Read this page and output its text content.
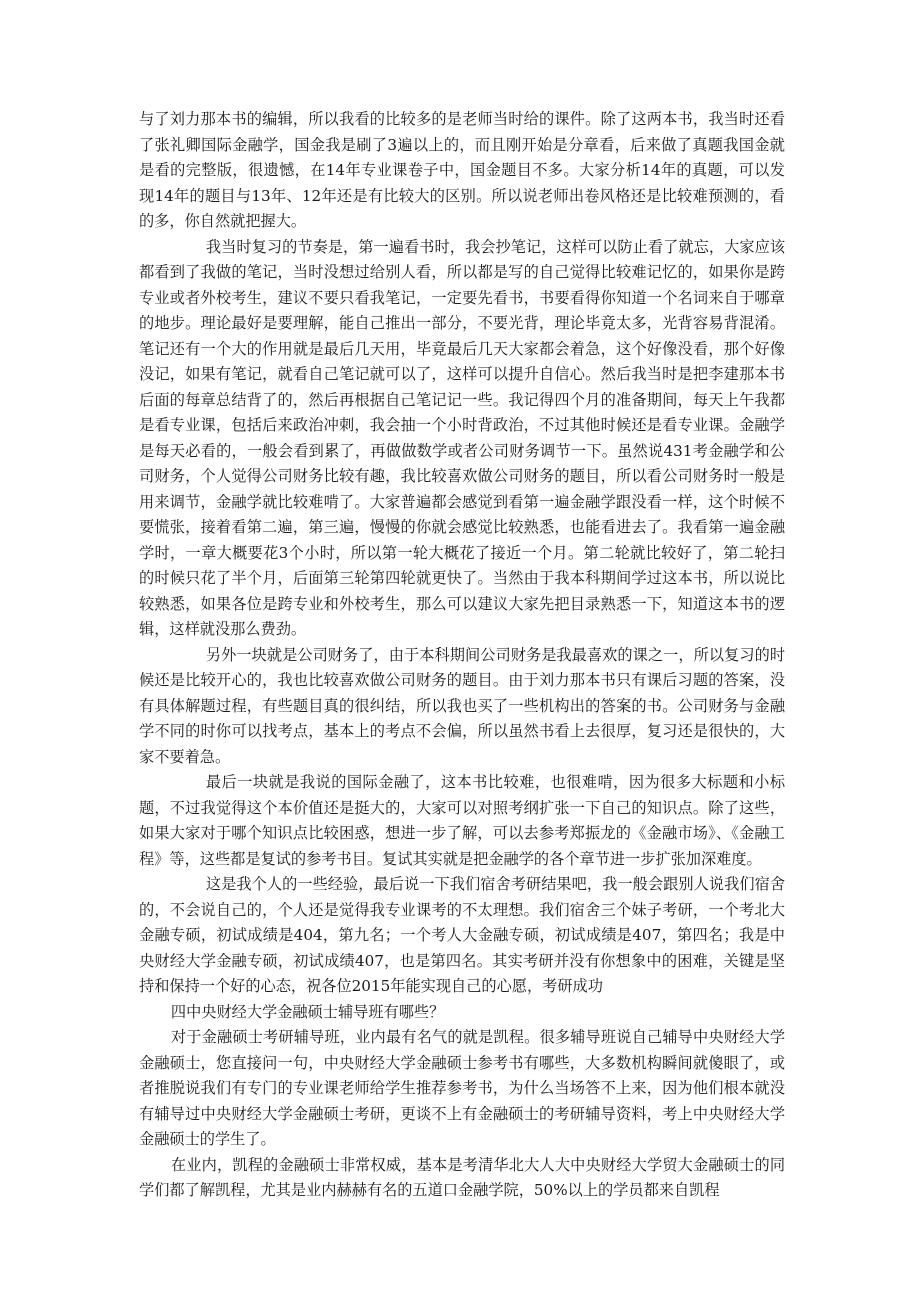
与了刘力那本书的编辑，所以我看的比较多的是老师当时给的课件。除了这两本书，我当时还看了张礼卿国际金融学，国金我是刷了3遍以上的，而且刚开始是分章看，后来做了真题我国金就是看的完整版，很遗憾，在14年专业课卷子中，国金题目不多。大家分析14年的真题，可以发现14年的题目与13年、12年还是有比较大的区别。所以说老师出卷风格还是比较难预测的，看的多，你自然就把握大。

我当时复习的节奏是，第一遍看书时，我会抄笔记，这样可以防止看了就忘，大家应该都看到了我做的笔记，当时没想过给别人看，所以都是写的自己觉得比较难记忆的，如果你是跨专业或者外校考生，建议不要只看我笔记，一定要先看书，书要看得你知道一个名词来自于哪章的地步。理论最好是要理解，能自己推出一部分，不要光背，理论毕竟太多，光背容易背混淆。笔记还有一个大的作用就是最后几天用，毕竟最后几天大家都会着急，这个好像没看，那个好像没记，如果有笔记，就看自己笔记就可以了，这样可以提升自信心。然后我当时是把李建那本书后面的每章总结背了的，然后再根据自己笔记记一些。我记得四个月的准备期间，每天上午我都是看专业课，包括后来政治冲刺，我会抽一个小时背政治，不过其他时候还是看专业课。金融学是每天必看的，一般会看到累了，再做做数学或者公司财务调节一下。虽然说431考金融学和公司财务，个人觉得公司财务比较有趣，我比较喜欢做公司财务的题目，所以看公司财务时一般是用来调节，金融学就比较难啃了。大家普遍都会感觉到看第一遍金融学跟没看一样，这个时候不要慌张，接着看第二遍，第三遍，慢慢的你就会感觉比较熟悉，也能看进去了。我看第一遍金融学时，一章大概要花3个小时，所以第一轮大概花了接近一个月。第二轮就比较好了，第二轮扫的时候只花了半个月，后面第三轮第四轮就更快了。当然由于我本科期间学过这本书，所以说比较熟悉，如果各位是跨专业和外校考生，那么可以建议大家先把目录熟悉一下，知道这本书的逻辑，这样就没那么费劲。

另外一块就是公司财务了，由于本科期间公司财务是我最喜欢的课之一，所以复习的时候还是比较开心的，我也比较喜欢做公司财务的题目。由于刘力那本书只有课后习题的答案，没有具体解题过程，有些题目真的很纠结，所以我也买了一些机构出的答案的书。公司财务与金融学不同的时你可以找考点，基本上的考点不会偏，所以虽然书看上去很厚，复习还是很快的，大家不要着急。

最后一块就是我说的国际金融了，这本书比较难，也很难啃，因为很多大标题和小标题，不过我觉得这个本价值还是挺大的，大家可以对照考纲扩张一下自己的知识点。除了这些，如果大家对于哪个知识点比较困惑，想进一步了解，可以去参考郑振龙的《金融市场》、《金融工程》等，这些都是复试的参考书目。复试其实就是把金融学的各个章节进一步扩张加深难度。

这是我个人的一些经验，最后说一下我们宿舍考研结果吧，我一般会跟别人说我们宿舍的，不会说自己的，个人还是觉得我专业课考的不太理想。我们宿舍三个妹子考研，一个考北大金融专硕，初试成绩是404，第九名；一个考人大金融专硕，初试成绩是407，第四名；我是中央财经大学金融专硕，初试成绩407，也是第四名。其实考研并没有你想象中的困难，关键是坚持和保持一个好的心态，祝各位2015年能实现自己的心愿，考研成功

四中央财经大学金融硕士辅导班有哪些？

对于金融硕士考研辅导班，业内最有名气的就是凯程。很多辅导班说自己辅导中央财经大学金融硕士，您直接问一句，中央财经大学金融硕士参考书有哪些，大多数机构瞬间就傻眼了，或者推脱说我们有专门的专业课老师给学生推荐参考书，为什么当场答不上来，因为他们根本就没有辅导过中央财经大学金融硕士考研，更谈不上有金融硕士的考研辅导资料，考上中央财经大学金融硕士的学生了。

在业内，凯程的金融硕士非常权威，基本是考清华北大人大中央财经大学贸大金融硕士的同学们都了解凯程，尤其是业内赫赫有名的五道口金融学院，50%以上的学员都来自凯程
